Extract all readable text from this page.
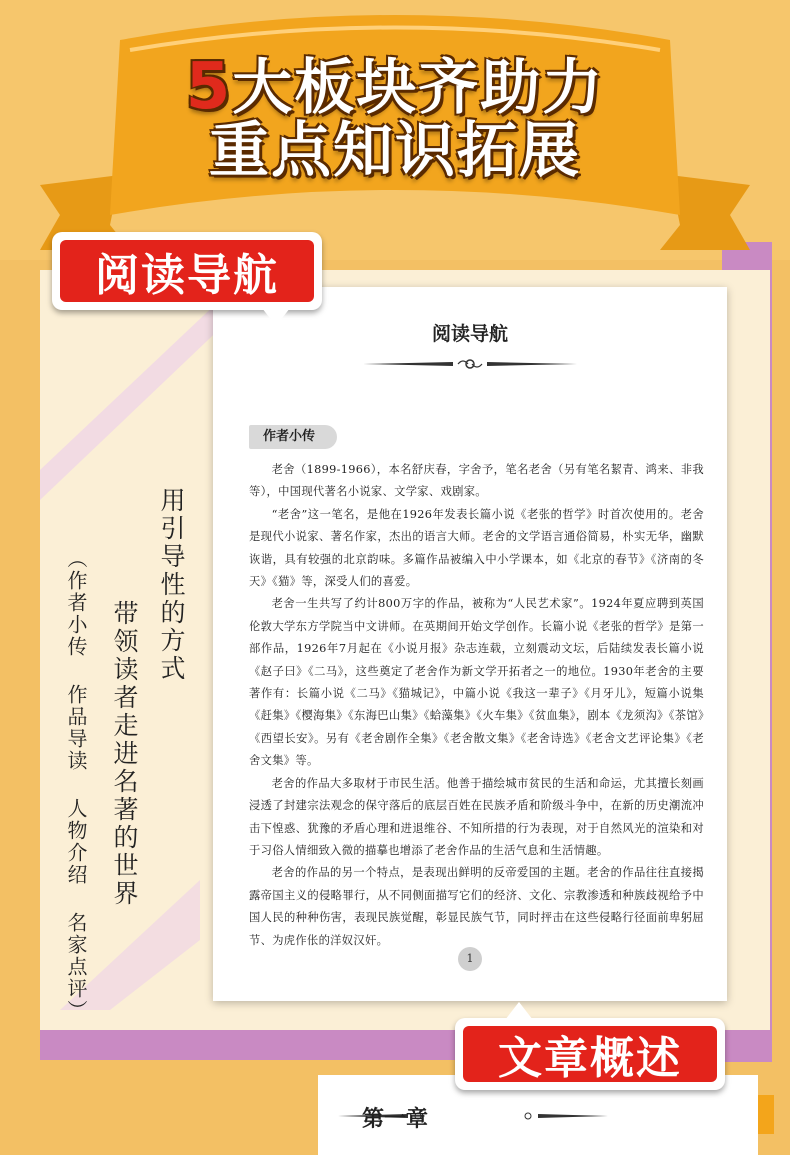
5大板块齐助力
重点知识拓展
用引导性的方式
带领读者走进名著的世界
（作者小传 作品导读 人物介绍 名家点评）
阅读导航
作者小传

老舍（1899-1966），本名舒庆春，字舍予，笔名老舍（另有笔名絜青、鸿来、非我等），中国现代著名小说家、文学家、戏剧家。

“老舍”这一笔名，是他在1926年发表长篇小说《老张的哲学》时首次使用的。老舍是现代小说家、著名作家，杰出的语言大师。老舍的文学语言通俗简易，朴实无华，幽默诙谐，具有较强的北京韵味。多篇作品被编入中小学课本，如《北京的春节》《济南的冬天》《猫》等，深受人们的喜爱。

老舍一生共写了约计800万字的作品，被称为“人民艺术家”。1924年夏应聘到英国伦敦大学东方学院当中文讲师。在英期间开始文学创作。长篇小说《老张的哲学》是第一部作品，1926年7月起在《小说月报》杂志连载，立刻震动文坛，后陆续发表长篇小说《赵子曰》《二马》，这些奠定了老舍作为新文学开拓者之一的地位。1930年老舍的主要著作有：长篇小说《二马》《猫城记》，中篇小说《我这一辈子》《月牙儿》，短篇小说集《赶集》《樱海集》《东海巴山集》《蛤藻集》《火车集》《贫血集》，剧本《龙须沟》《茶馆》《西望长安》。另有《老舍剧作全集》《老舍散文集》《老舍诗选》《老舍文艺评论集》《老舍文集》等。

老舍的作品大多取材于市民生活。他善于描绘城市贫民的生活和命运，尤其擅长刻画浸透了封建宗法观念的保守落后的底层百姓在民族矛盾和阶级斗争中，在新的历史潮流冲击下惶惑、犹豫的矛盾心理和进退维谷、不知所措的行为表现，对于自然风光的渲染和对于习俗人情细致入微的描摹也增添了老舍作品的生活气息和生活情趣。

老舍的作品的另一个特点，是表现出鲜明的反帝爱国的主题。老舍的作品往往直接揭露帝国主义的侵略罪行，从不同侧面描写它们的经济、文化、宗教渗透和种族歧视给予中国人民的种种伤害，表现民族觉醒，彰显民族气节，同时抨击在这些侵略行径面前卑躬屈节、为虎作伥的洋奴汉奸。

1
阅读导航
第一章
文章概述
